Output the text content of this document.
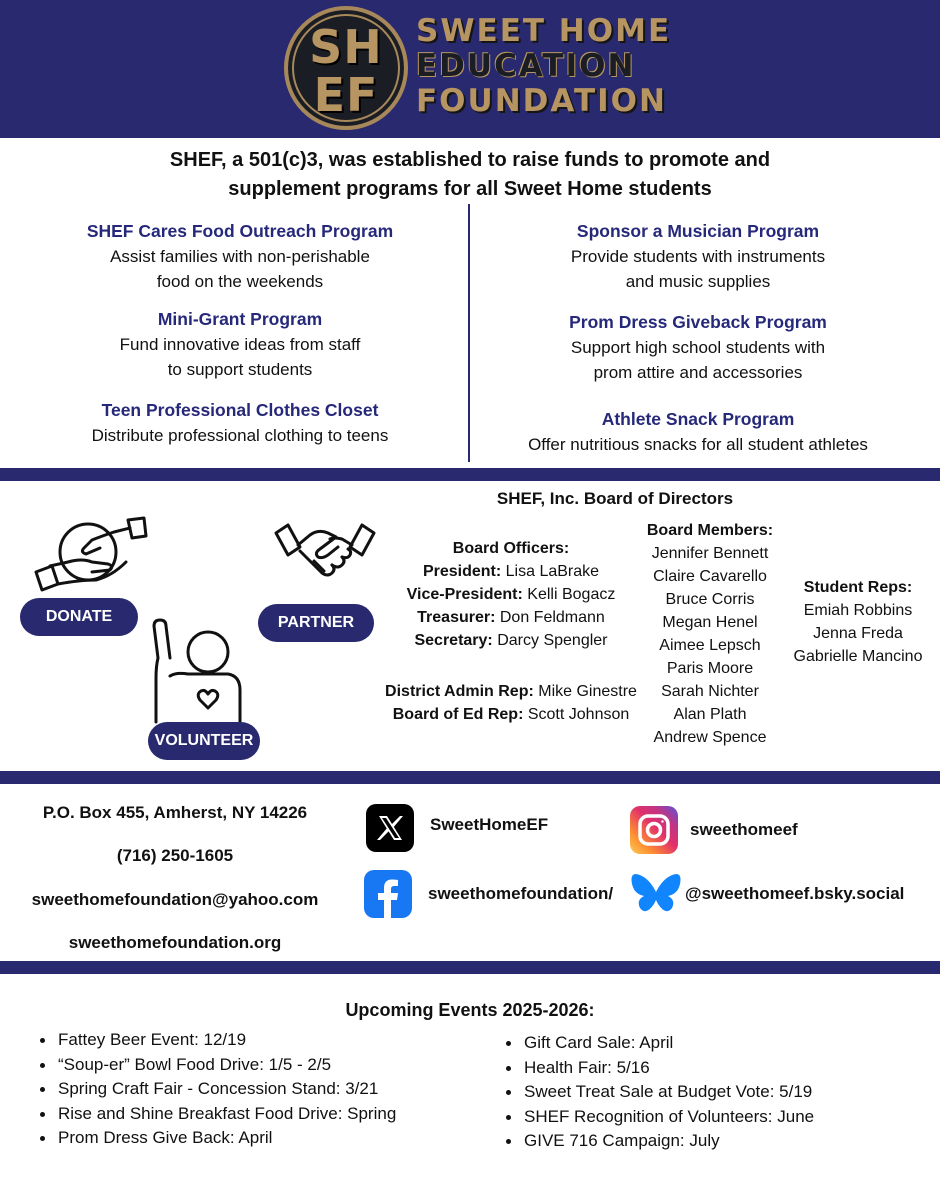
SH
EF
SWEET HOME
EDUCATION
FOUNDATION
SHEF, a 501(c)3, was established to raise funds to promote and
supplement programs for all Sweet Home students
SHEF Cares Food Outreach Program
Assist families with non-perishable
food on the weekends
Mini-Grant Program
Fund innovative ideas from staff
to support students
Teen Professional Clothes Closet
Distribute professional clothing to teens
Sponsor a Musician Program
Provide students with instruments
and music supplies
Prom Dress Giveback Program
Support high school students with
prom attire and accessories
Athlete Snack Program
Offer nutritious snacks for all student athletes
DONATE	PARTNER
VOLUNTEER
SHEF, Inc. Board of Directors
Board Officers:
President: Lisa LaBrake
Vice-President: Kelli Bogacz
Treasurer: Don Feldmann
Secretary: Darcy Spengler
District Admin Rep: Mike Ginestre
Board of Ed Rep: Scott Johnson
Board Members:
Jennifer Bennett
Claire Cavarello
Bruce Corris
Megan Henel
Aimee Lepsch
Paris Moore
Sarah Nichter
Alan Plath
Andrew Spence
Student Reps:
Emiah Robbins
Jenna Freda
Gabrielle Mancino
P.O. Box 455, Amherst, NY 14226
(716) 250-1605
sweethomefoundation@yahoo.com
sweethomefoundation.org
SweetHomeEF
sweethomefoundation/
sweethomeef
@sweethomeef.bsky.social
Upcoming Events 2025-2026:
Fattey Beer Event: 12/19
“Soup-er” Bowl Food Drive: 1/5 - 2/5
Spring Craft Fair - Concession Stand: 3/21
Rise and Shine Breakfast Food Drive: Spring
Prom Dress Give Back: April
Gift Card Sale: April
Health Fair: 5/16
Sweet Treat Sale at Budget Vote: 5/19
SHEF Recognition of Volunteers: June
GIVE 716 Campaign: July
